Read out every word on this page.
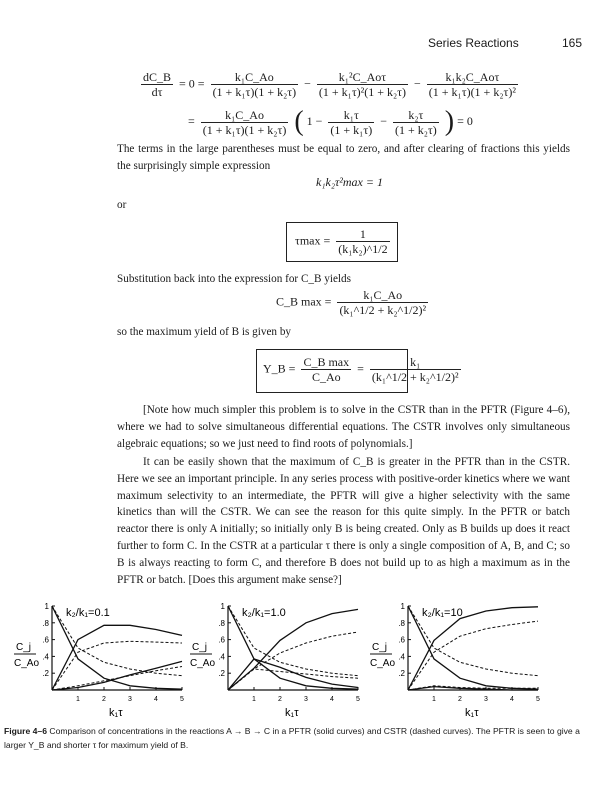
Series Reactions	165
$\frac{dC\_B}{d\tau} = 0 = \frac{\text{k₁C\_Ao}}{\text{(1 + k₁τ)(1 + k₂τ)}} - \frac{\text{k₁²C\_Aoτ}}{\text{(1 + k₁τ)²(1 + k₂τ)}} - \frac{\text{k₁k₂C\_Aoτ}}{\text{(1 + k₁τ)(1 + k₂τ)²}}$
= $\frac{\text{k₁C\_Ao}}{\text{(1 + k₁τ)(1 + k₂τ)}}$ ( $1 - \frac{\text{k₁τ}}{\text{(1 + k₁τ)}} - \frac{\text{k₂τ}}{\text{(1 + k₂τ)}}$ ) = 0
The terms in the large parentheses must be equal to zero, and after clearing of fractions this yields the surprisingly simple expression
k₁k₂τ²max = 1
or
$\tau\max = \frac{1}{\text{(k₁k₂)\textasciicircum{}1/2}}$
Substitution back into the expression for C_B yields
C_B $\max = \frac{\text{k₁C\_Ao}}{\text{(k₁\textasciicircum{}1/2 + k₂\textasciicircum{}1/2)²}}$
so the maximum yield of B is given by
Y_B = $\frac{\text{C\_B max}}{C\_Ao} = \frac{\text{k₁}}{\text{(k₁\textasciicircum{}1/2 + k₂\textasciicircum{}1/2)²}}$
[Note how much simpler this problem is to solve in the CSTR than in the PFTR (Figure 4–6), where we had to solve simultaneous differential equations. The CSTR involves only simultaneous algebraic equations; so we just need to find roots of polynomials.]
It can be easily shown that the maximum of C_B is greater in the PFTR than in the CSTR. Here we see an important principle. In any series process with positive-order kinetics where we want maximum selectivity to an intermediate, the PFTR will give a higher selectivity with the same kinetics than will the CSTR. We can see the reason for this quite simply. In the PFTR or batch reactor there is only A initially; so initially only B is being created. Only as B builds up does it react further to form C. In the CSTR at a particular τ there is only a single composition of A, B, and C; so B is always reacting to form C, and therefore B does not build up to as high a maximum as in the PFTR or batch. [Does this argument make sense?]
.2
.4
.6
.8
1
1	2	3	4	5
C_j
C_Ao
k₁τ
k₂/k₁=0.1
.2
.4
.6
.8
1
1	2	3	4	5
C_j
C_Ao
k₁τ
k₂/k₁=1.0
.2
.4
.6
.8
1
1	2	3	4	5
C_j
C_Ao
k₁τ
k₂/k₁=10
Figure 4–6 Comparison of concentrations in the reactions A → B → C in a PFTR (solid curves) and CSTR (dashed curves). The PFTR is seen to give a larger Y_B and shorter τ for maximum yield of B.
